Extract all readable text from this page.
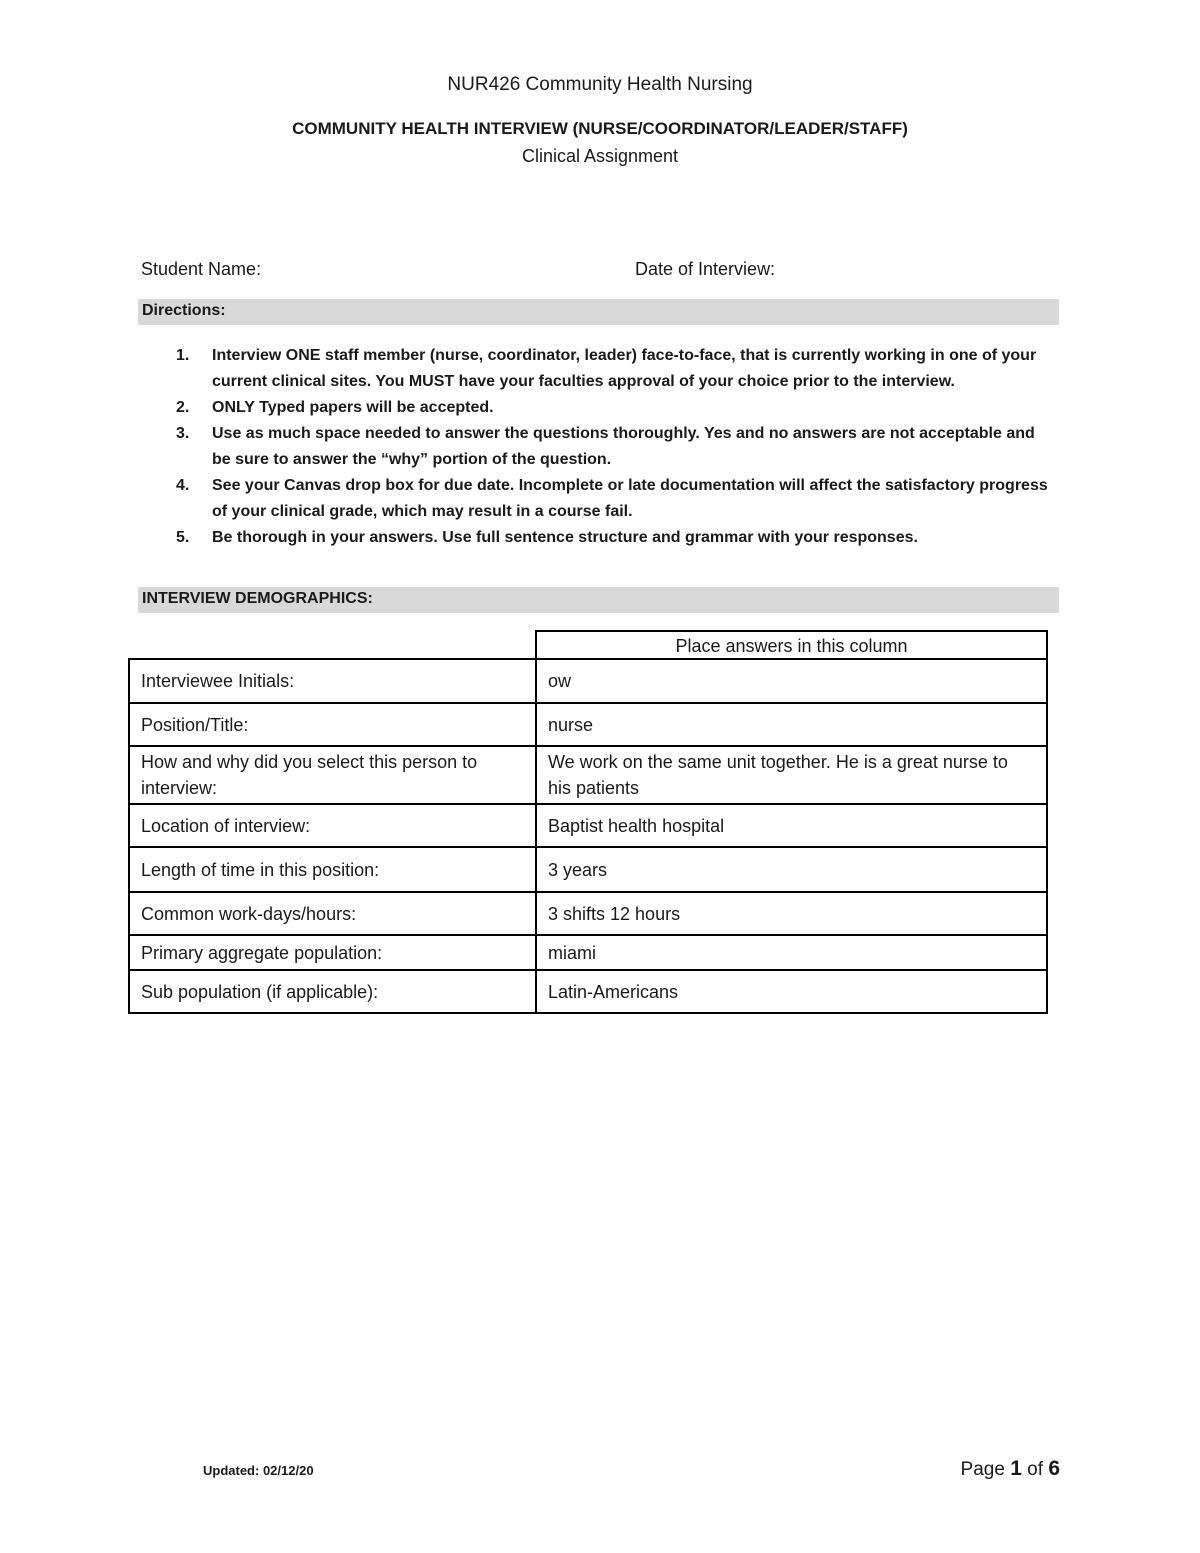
NUR426 Community Health Nursing
COMMUNITY HEALTH INTERVIEW (NURSE/COORDINATOR/LEADER/STAFF)
Clinical Assignment
Student Name:	Date of Interview:
Directions:
1. Interview ONE staff member (nurse, coordinator, leader) face-to-face, that is currently working in one of your current clinical sites. You MUST have your faculties approval of your choice prior to the interview.
2. ONLY Typed papers will be accepted.
3. Use as much space needed to answer the questions thoroughly. Yes and no answers are not acceptable and be sure to answer the “why” portion of the question.
4. See your Canvas drop box for due date. Incomplete or late documentation will affect the satisfactory progress of your clinical grade, which may result in a course fail.
5. Be thorough in your answers. Use full sentence structure and grammar with your responses.
INTERVIEW DEMOGRAPHICS:
Place answers in this column
Interviewee Initials:	ow
Position/Title:	nurse
How and why did you select this person to interview:	We work on the same unit together. He is a great nurse to his patients
Location of interview:	Baptist health hospital
Length of time in this position:	3 years
Common work-days/hours:	3 shifts 12 hours
Primary aggregate population:	miami
Sub population (if applicable):	Latin-Americans
Updated: 02/12/20	Page 1 of 6
